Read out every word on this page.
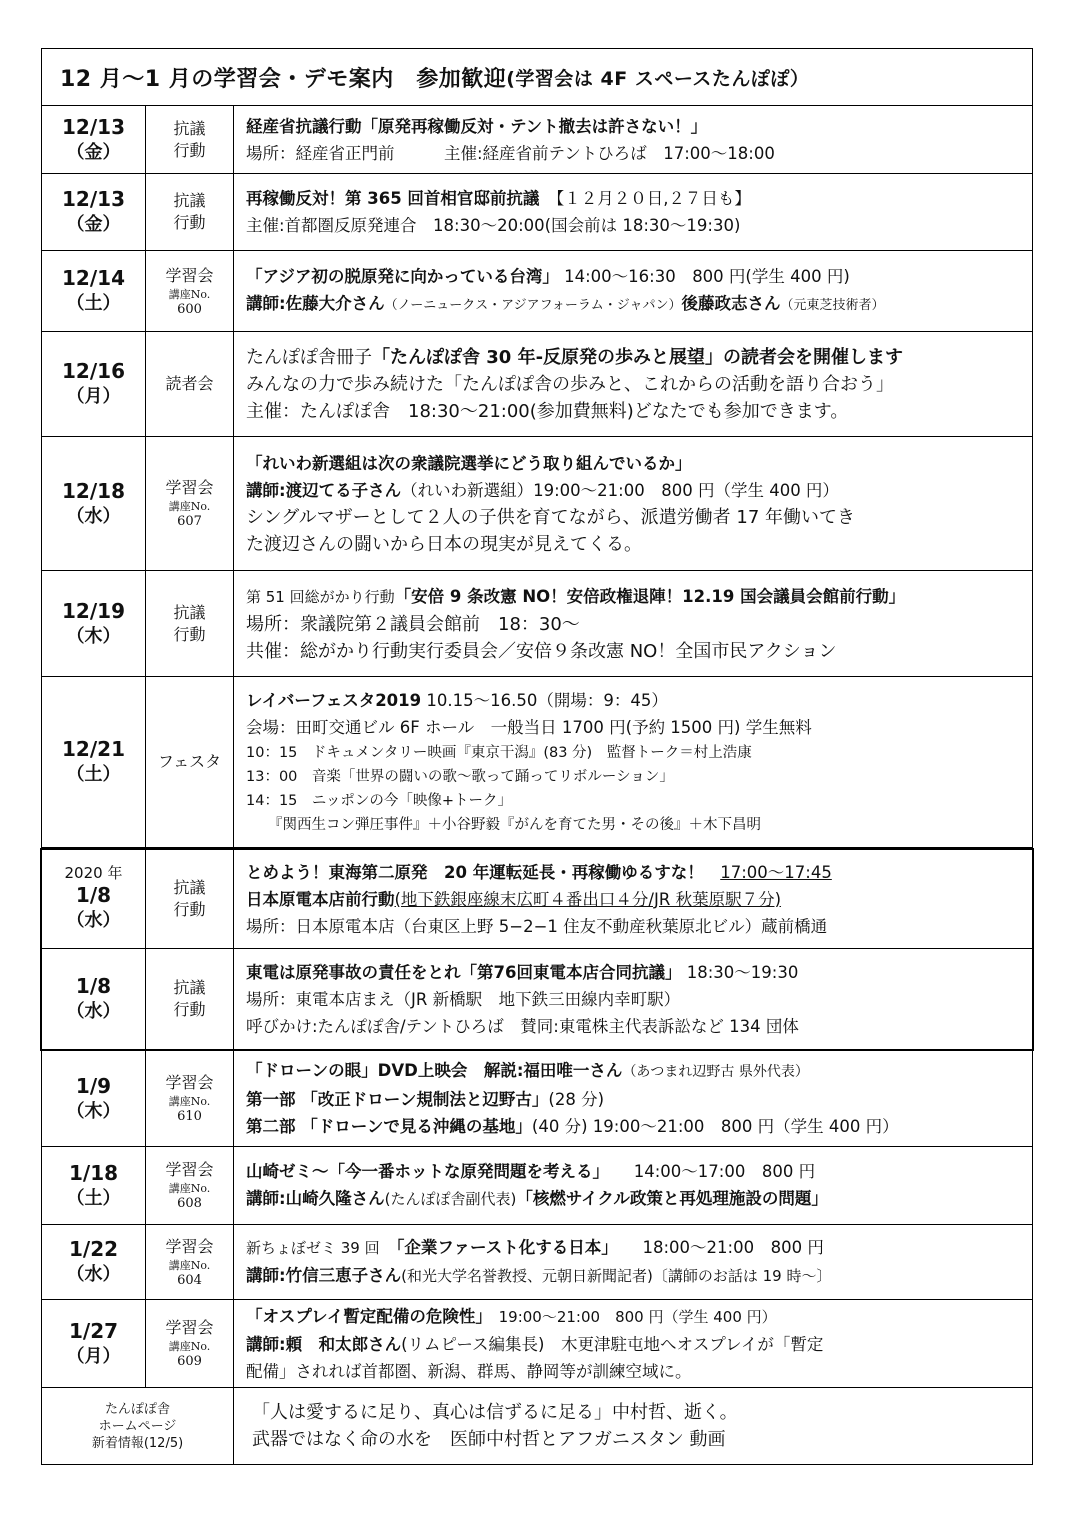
12 月～1 月の学習会・デモ案内　参加歓迎 (学習会は 4F スペースたんぽぽ）
12/13
（金）
抗議
行動
経産省抗議行動「原発再稼働反対・テント撤去は許さない！」
場所：経産省正門前　　　主催:経産省前テントひろば　17:00～18:00
12/13
（金）
抗議
行動
再稼働反対！第 365 回首相官邸前抗議　【１２月２０日,２７日も】
主催:首都圏反原発連合　18:30～20:00(国会前は 18:30～19:30)
12/14
（土）
学習会
講座No.
600
「アジア初の脱原発に向かっている台湾」 14:00～16:30　800 円(学生 400 円)
講師:佐藤大介さん（ノーニュークス・アジアフォーラム・ジャパン）後藤政志さん（元東芝技術者）
12/16
（月）
読者会
たんぽぽ舎冊子「たんぽぽ舎 30 年-反原発の歩みと展望」の読者会を開催します
みんなの力で歩み続けた「たんぽぽ舎の歩みと、これからの活動を語り合おう」
主催：たんぽぽ舎　18:30～21:00(参加費無料)どなたでも参加できます。
12/18
（水）
学習会
講座No.
607
「れいわ新選組は次の衆議院選挙にどう取り組んでいるか」
講師:渡辺てる子さん（れいわ新選組）19:00～21:00　800 円（学生 400 円）
シングルマザーとして２人の子供を育てながら、派遣労働者 17 年働いてき
た渡辺さんの闘いから日本の現実が見えてくる。
12/19
（木）
抗議
行動
第 51 回総がかり行動「安倍 9 条改憲 NO！安倍政権退陣！12.19 国会議員会館前行動」
場所：衆議院第２議員会館前　18：30～
共催：総がかり行動実行委員会／安倍９条改憲 NO！全国市民アクション
12/21
（土）
フェスタ
レイバーフェスタ2019 10.15～16.50（開場：9：45）
会場：田町交通ビル 6F ホール　一般当日 1700 円(予約 1500 円) 学生無料
10：15　ドキュメンタリー映画『東京干潟』(83 分)　監督トーク＝村上浩康
13：00　音楽「世界の闘いの歌～歌って踊ってリボルーション」
14：15　ニッポンの今「映像+トーク」
『関西生コン弾圧事件』＋小谷野毅『がんを育てた男・その後』＋木下昌明
2020 年
1/8
（水）
抗議
行動
とめよう！東海第二原発　20 年運転延長・再稼働ゆるすな！　 17:00～17:45
日本原電本店前行動(地下鉄銀座線末広町４番出口４分/JR 秋葉原駅７分)
場所：日本原電本店（台東区上野 5−2−1 住友不動産秋葉原北ビル）蔵前橋通
1/8
（水）
抗議
行動
東電は原発事故の責任をとれ「第76回東電本店合同抗議」 18:30～19:30
場所：東電本店まえ（JR 新橋駅　地下鉄三田線内幸町駅）
呼びかけ:たんぽぽ舎/テントひろば　賛同:東電株主代表訴訟など 134 団体
1/9
（木）
学習会
講座No.
610
「ドローンの眼」DVD上映会　解説:福田唯一さん（あつまれ辺野古 県外代表）
第一部 「改正ドローン規制法と辺野古」(28 分)
第二部 「ドローンで見る沖縄の基地」(40 分) 19:00～21:00　800 円（学生 400 円）
1/18
（土）
学習会
講座No.
608
山崎ゼミ～「今一番ホットな原発問題を考える」　　14:00～17:00　800 円
講師:山崎久隆さん(たんぽぽ舎副代表)「核燃サイクル政策と再処理施設の問題」
1/22
（水）
学習会
講座No.
604
新ちょぼゼミ 39 回　 「企業ファースト化する日本」　　18:00～21:00　800 円
講師:竹信三恵子さん(和光大学名誉教授、元朝日新聞記者)〔講師のお話は 19 時～〕
1/27
（月）
学習会
講座No.
609
「オスプレイ暫定配備の危険性」　19:00～21:00　800 円（学生 400 円）
講師:頼　和太郎さん(リムピース編集長)　木更津駐屯地へオスプレイが「暫定
配備」されれば首都圏、新潟、群馬、静岡等が訓練空域に。
たんぽぽ舎
ホームページ
新着情報(12/5)
「人は愛するに足り、真心は信ずるに足る」中村哲、逝く。
武器ではなく命の水を　医師中村哲とアフガニスタン 動画
